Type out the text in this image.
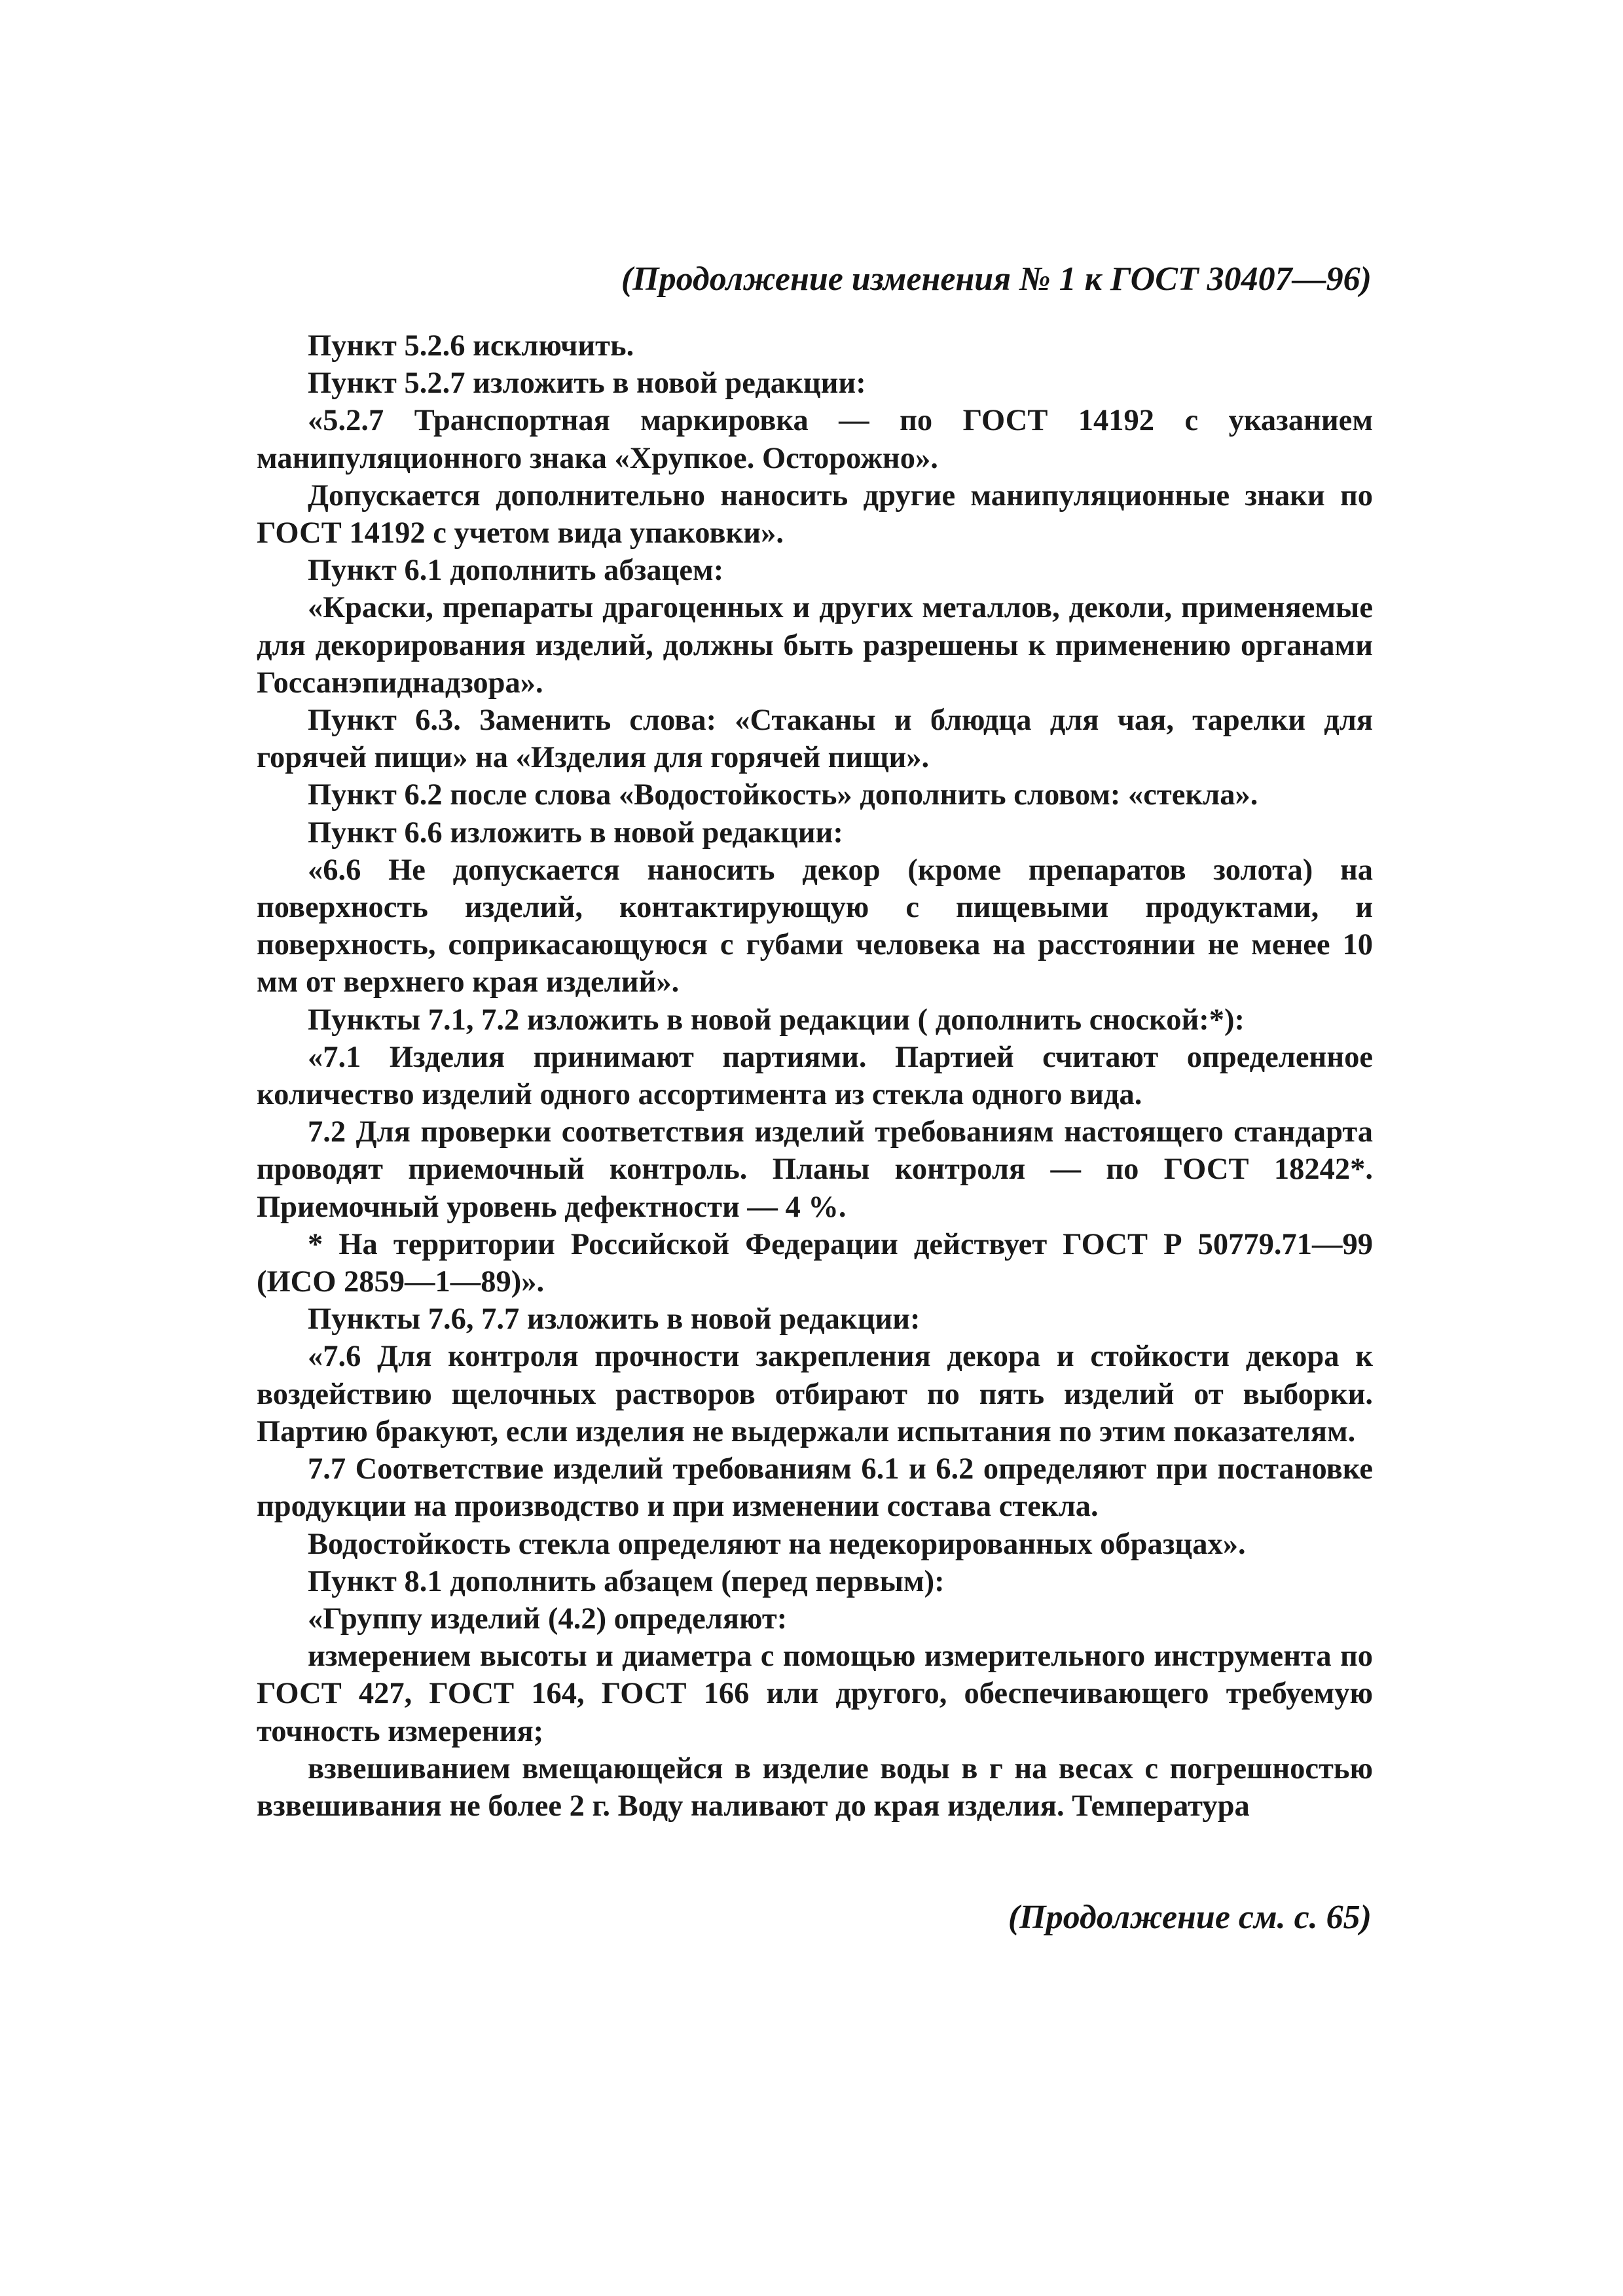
(Продолжение изменения № 1 к ГОСТ 30407—96)

Пункт 5.2.6 исключить.

Пункт 5.2.7 изложить в новой редакции:

«5.2.7 Транспортная маркировка — по ГОСТ 14192 с указанием манипуляционного знака «Хрупкое. Осторожно».

Допускается дополнительно наносить другие манипуляционные знаки по ГОСТ 14192 с учетом вида упаковки».

Пункт 6.1 дополнить абзацем:

«Краски, препараты драгоценных и других металлов, деколи, применяемые для декорирования изделий, должны быть разрешены к применению органами Госсанэпиднадзора».

Пункт 6.3. Заменить слова: «Стаканы и блюдца для чая, тарелки для горячей пищи» на «Изделия для горячей пищи».

Пункт 6.2 после слова «Водостойкость» дополнить словом: «стекла».

Пункт 6.6 изложить в новой редакции:

«6.6 Не допускается наносить декор (кроме препаратов золота) на поверхность изделий, контактирующую с пищевыми продуктами, и поверхность, соприкасающуюся с губами человека на расстоянии не менее 10 мм от верхнего края изделий».

Пункты 7.1, 7.2 изложить в новой редакции ( дополнить сноской:*):

«7.1 Изделия принимают партиями. Партией считают определенное количество изделий одного ассортимента из стекла одного вида.

7.2 Для проверки соответствия изделий требованиям настоящего стандарта проводят приемочный контроль. Планы контроля — по ГОСТ 18242*. Приемочный уровень дефектности — 4 %.

* На территории Российской Федерации действует ГОСТ Р 50779.71—99 (ИСО 2859—1—89)».

Пункты 7.6, 7.7 изложить в новой редакции:

«7.6 Для контроля прочности закрепления декора и стойкости декора к воздействию щелочных растворов отбирают по пять изделий от выборки. Партию бракуют, если изделия не выдержали испытания по этим показателям.

7.7 Соответствие изделий требованиям 6.1 и 6.2 определяют при постановке продукции на производство и при изменении состава стекла.

Водостойкость стекла определяют на недекорированных образцах».

Пункт 8.1 дополнить абзацем (перед первым):

«Группу изделий (4.2) определяют:

измерением высоты и диаметра с помощью измерительного инструмента по ГОСТ 427, ГОСТ 164, ГОСТ 166 или другого, обеспечивающего требуемую точность измерения;

взвешиванием вмещающейся в изделие воды в г на весах с погрешностью взвешивания не более 2 г. Воду наливают до края изделия. Температура

(Продолжение см. с. 65)
